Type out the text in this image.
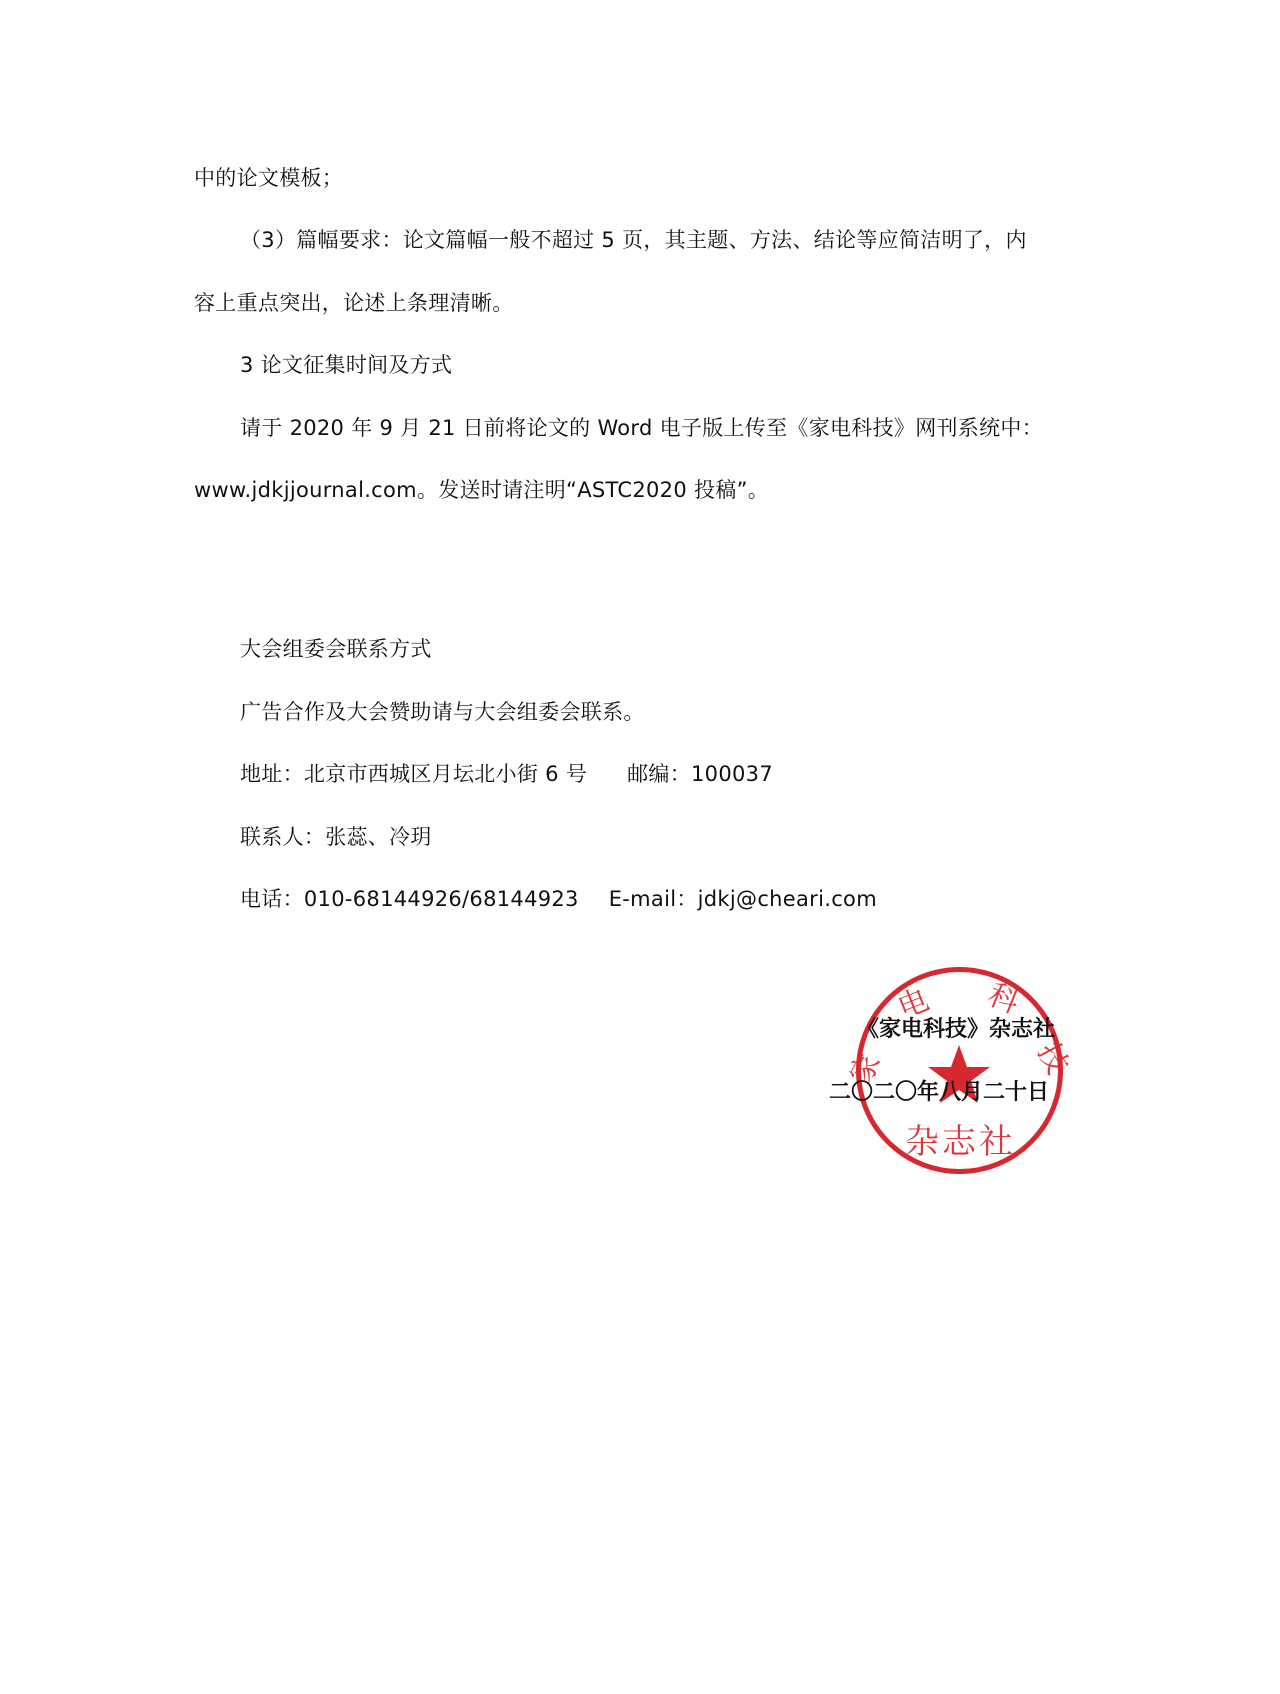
中的论文模板；
（3）篇幅要求：论文篇幅一般不超过 5 页，其主题、方法、结论等应简洁明了，内
容上重点突出，论述上条理清晰。
3 论文征集时间及方式
请于 2020 年 9 月 21 日前将论文的 Word 电子版上传至《家电科技》网刊系统中：
www.jdkjjournal.com。发送时请注明“ASTC2020 投稿”。
大会组委会联系方式
广告合作及大会赞助请与大会组委会联系。
地址：北京市西城区月坛北小街 6 号 邮编：100037
联系人：张蕊、冷玥
电话：010-68144926/68144923 E-mail：jdkj@cheari.com
家
电 科
技
杂 志 社
《家电科技》杂志社
二〇二〇年八月二十日
